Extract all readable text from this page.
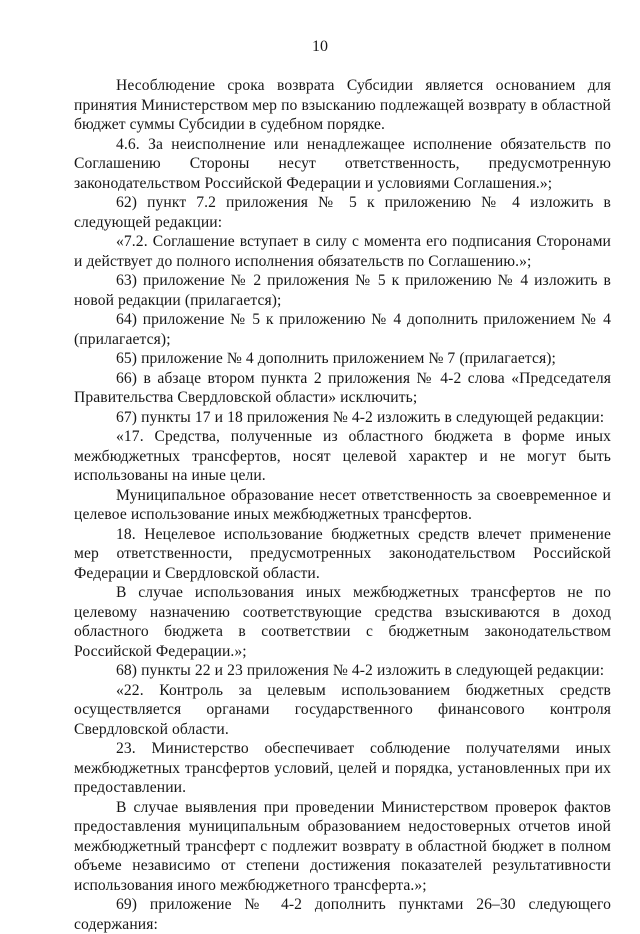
10

Несоблюдение срока возврата Субсидии является основанием для принятия Министерством мер по взысканию подлежащей возврату в областной бюджет суммы Субсидии в судебном порядке.

4.6. За неисполнение или ненадлежащее исполнение обязательств по Соглашению Стороны несут ответственность, предусмотренную законодательством Российской Федерации и условиями Соглашения.»;

62) пункт 7.2 приложения № 5 к приложению № 4 изложить в следующей редакции:

«7.2. Соглашение вступает в силу с момента его подписания Сторонами и действует до полного исполнения обязательств по Соглашению.»;

63) приложение № 2 приложения № 5 к приложению № 4 изложить в новой редакции (прилагается);

64) приложение № 5 к приложению № 4 дополнить приложением № 4 (прилагается);

65) приложение № 4 дополнить приложением № 7 (прилагается);

66) в абзаце втором пункта 2 приложения № 4-2 слова «Председателя Правительства Свердловской области» исключить;

67) пункты 17 и 18 приложения № 4-2 изложить в следующей редакции:

«17. Средства, полученные из областного бюджета в форме иных межбюджетных трансфертов, носят целевой характер и не могут быть использованы на иные цели.

Муниципальное образование несет ответственность за своевременное и целевое использование иных межбюджетных трансфертов.

18. Нецелевое использование бюджетных средств влечет применение мер ответственности, предусмотренных законодательством Российской Федерации и Свердловской области.

В случае использования иных межбюджетных трансфертов не по целевому назначению соответствующие средства взыскиваются в доход областного бюджета в соответствии с бюджетным законодательством Российской Федерации.»;

68) пункты 22 и 23 приложения № 4-2 изложить в следующей редакции:

«22. Контроль за целевым использованием бюджетных средств осуществляется органами государственного финансового контроля Свердловской области.

23. Министерство обеспечивает соблюдение получателями иных межбюджетных трансфертов условий, целей и порядка, установленных при их предоставлении.

В случае выявления при проведении Министерством проверок фактов предоставления муниципальным образованием недостоверных отчетов иной межбюджетный трансферт с подлежит возврату в областной бюджет в полном объеме независимо от степени достижения показателей результативности использования иного межбюджетного трансферта.»;

69) приложение № 4-2 дополнить пунктами 26–30 следующего содержания:
